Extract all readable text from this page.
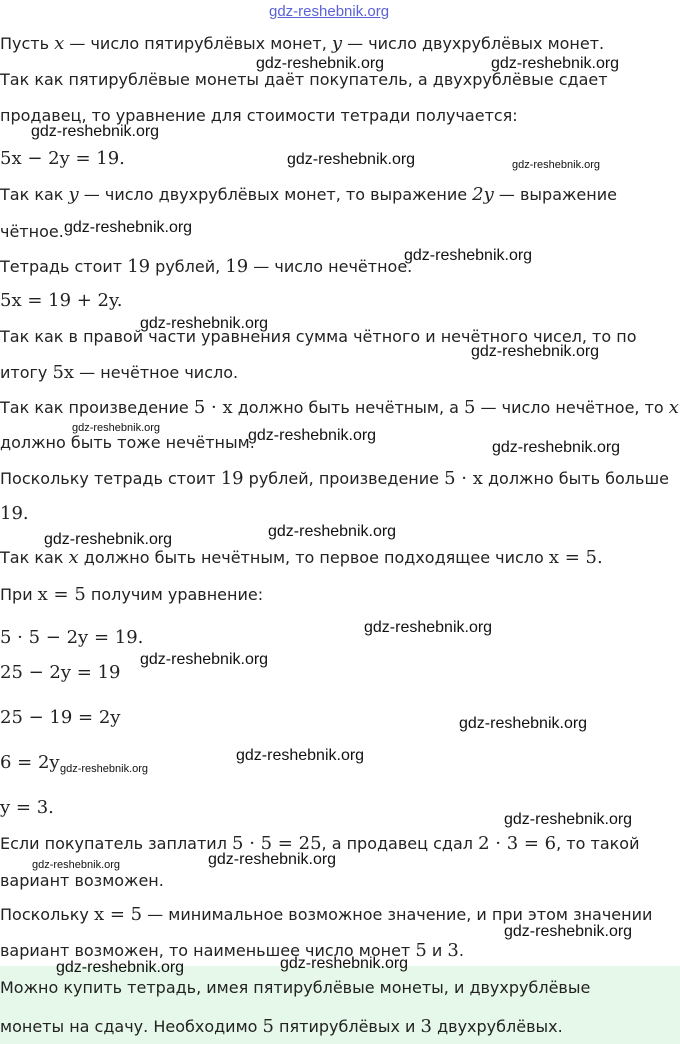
gdz-reshebnik.org
Пусть x — число пятирублёвых монет, y — число двухрублёвых монет.
Так как пятирублёвые монеты даёт покупатель, а двухрублёвые сдает
продавец, то уравнение для стоимости тетради получается:
5x − 2y = 19.
Так как y — число двухрублёвых монет, то выражение 2y — выражение
чётное.
Тетрадь стоит 19 рублей, 19 — число нечётное.
5x = 19 + 2y.
Так как в правой части уравнения сумма чётного и нечётного чисел, то по
итогу 5x — нечётное число.
Так как произведение 5 · x должно быть нечётным, а 5 — число нечётное, то x
должно быть тоже нечётным.
Поскольку тетрадь стоит 19 рублей, произведение 5 · x должно быть больше
19.
Так как x должно быть нечётным, то первое подходящее число x = 5.
При x = 5 получим уравнение:
5 · 5 − 2y = 19.
25 − 2y = 19
25 − 19 = 2y
6 = 2y
y = 3.
Если покупатель заплатил 5 · 5 = 25, а продавец сдал 2 · 3 = 6, то такой
вариант возможен.
Поскольку x = 5 — минимальное возможное значение, и при этом значении
вариант возможен, то наименьшее число монет 5 и 3.
Можно купить тетрадь, имея пятирублёвые монеты, и двухрублёвые
монеты на сдачу. Необходимо 5 пятирублёвых и 3 двухрублёвых.
gdz-reshebnik.org	gdz-reshebnik.org
gdz-reshebnik.org
gdz-reshebnik.org	gdz-reshebnik.org
gdz-reshebnik.org
gdz-reshebnik.org
gdz-reshebnik.org
gdz-reshebnik.org
gdz-reshebnik.org	gdz-reshebnik.org
gdz-reshebnik.org
gdz-reshebnik.org	gdz-reshebnik.org
gdz-reshebnik.org
gdz-reshebnik.org
gdz-reshebnik.org
gdz-reshebnik.org
gdz-reshebnik.org
gdz-reshebnik.org
gdz-reshebnik.org	gdz-reshebnik.org
gdz-reshebnik.org
gdz-reshebnik.org
gdz-reshebnik.org
